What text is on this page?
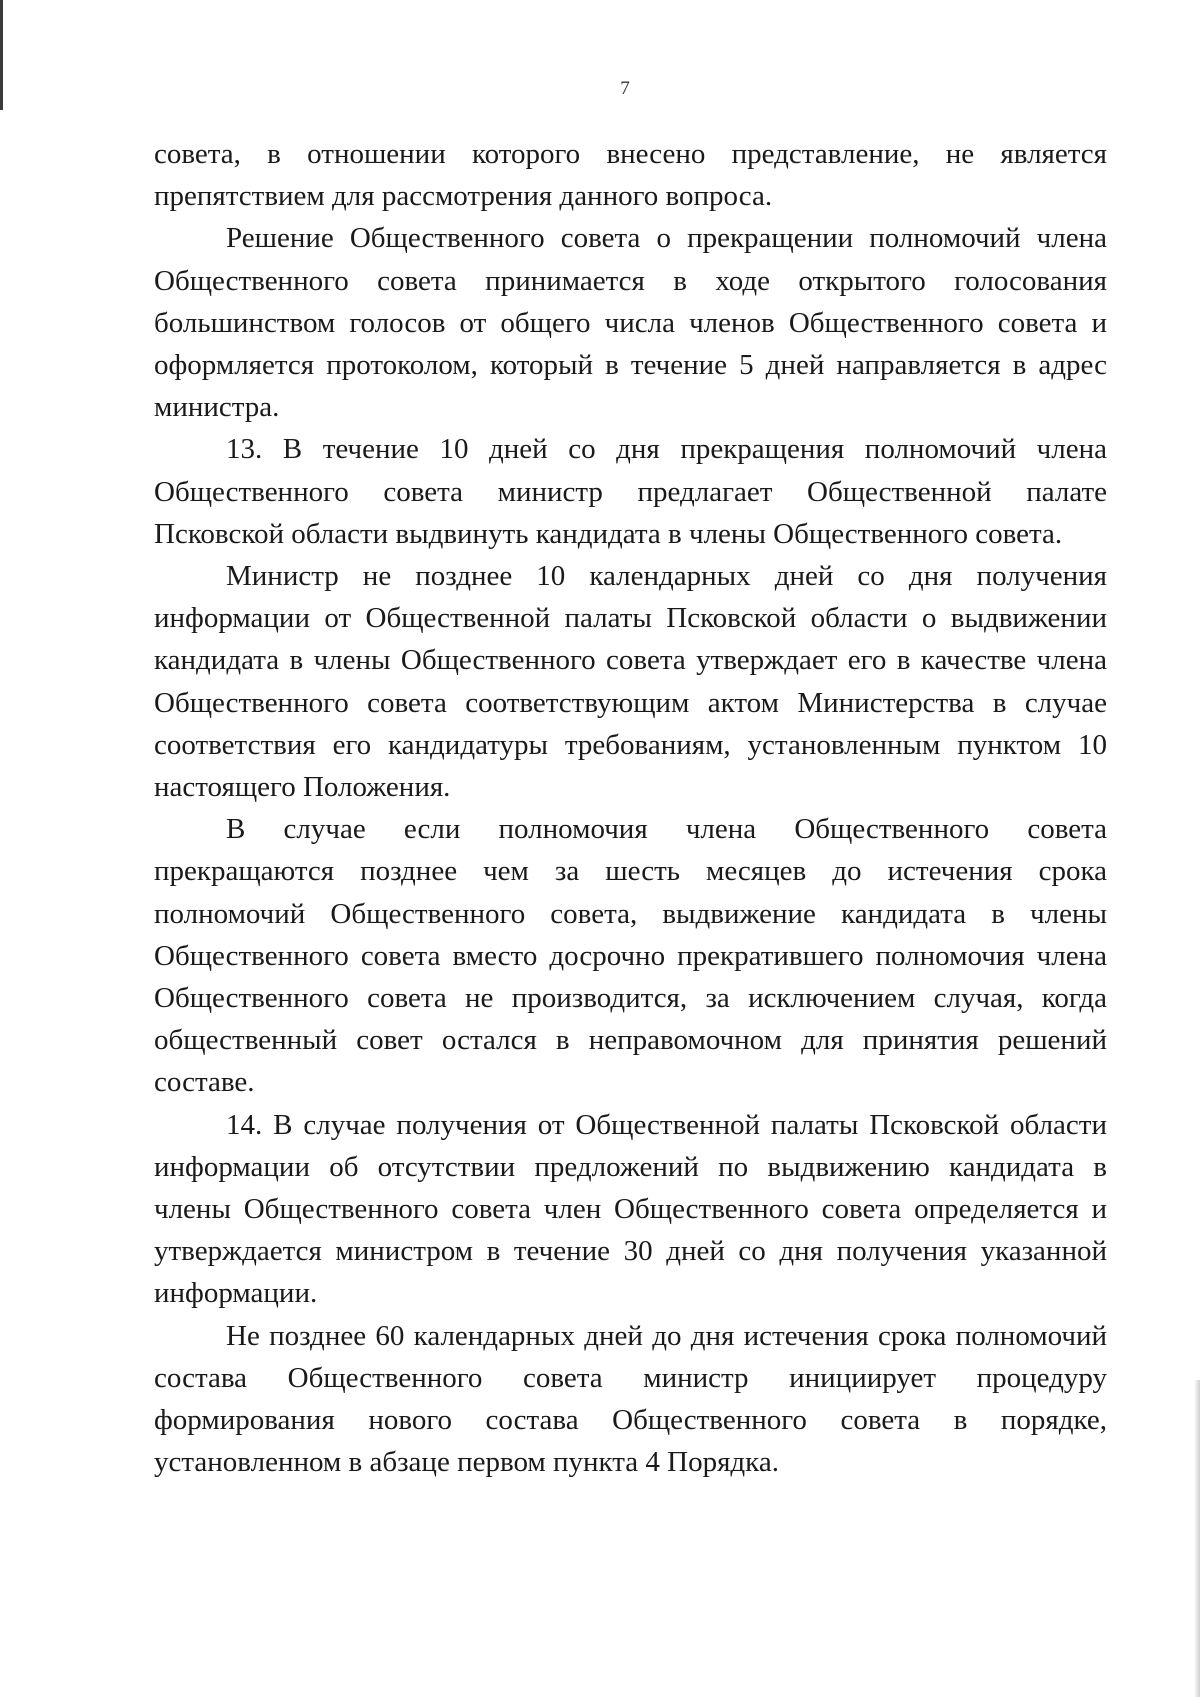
7

совета, в отношении которого внесено представление, не является препятствием для рассмотрения данного вопроса.

Решение Общественного совета о прекращении полномочий члена Общественного совета принимается в ходе открытого голосования большинством голосов от общего числа членов Общественного совета и оформляется протоколом, который в течение 5 дней направляется в адрес министра.

13. В течение 10 дней со дня прекращения полномочий члена Общественного совета министр предлагает Общественной палате Псковской области выдвинуть кандидата в члены Общественного совета.

Министр не позднее 10 календарных дней со дня получения информации от Общественной палаты Псковской области о выдвижении кандидата в члены Общественного совета утверждает его в качестве члена Общественного совета соответствующим актом Министерства в случае соответствия его кандидатуры требованиям, установленным пунктом 10 настоящего Положения.

В случае если полномочия члена Общественного совета прекращаются позднее чем за шесть месяцев до истечения срока полномочий Общественного совета, выдвижение кандидата в члены Общественного совета вместо досрочно прекратившего полномочия члена Общественного совета не производится, за исключением случая, когда общественный совет остался в неправомочном для принятия решений составе.

14. В случае получения от Общественной палаты Псковской области информации об отсутствии предложений по выдвижению кандидата в члены Общественного совета член Общественного совета определяется и утверждается министром в течение 30 дней со дня получения указанной информации.

Не позднее 60 календарных дней до дня истечения срока полномочий состава Общественного совета министр инициирует процедуру формирования нового состава Общественного совета в порядке, установленном в абзаце первом пункта 4 Порядка.
